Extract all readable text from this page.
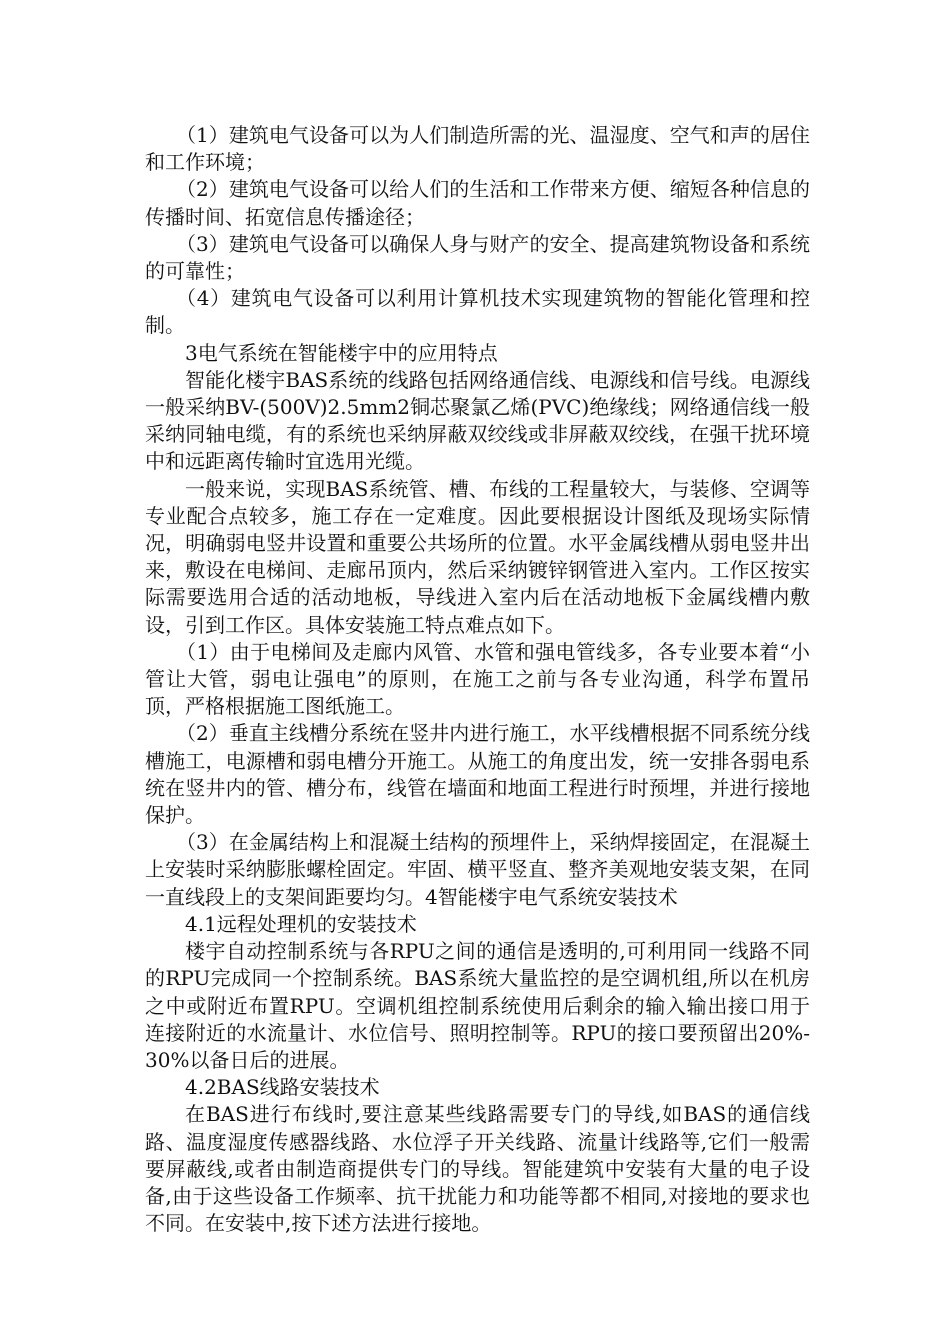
（1）建筑电气设备可以为人们制造所需的光、温湿度、空气和声的居住和工作环境；

（2）建筑电气设备可以给人们的生活和工作带来方便、缩短各种信息的传播时间、拓宽信息传播途径；

（3）建筑电气设备可以确保人身与财产的安全、提高建筑物设备和系统的可靠性；

（4）建筑电气设备可以利用计算机技术实现建筑物的智能化管理和控制。

3电气系统在智能楼宇中的应用特点

智能化楼宇BAS系统的线路包括网络通信线、电源线和信号线。电源线一般采纳BV-(500V)2.5mm2铜芯聚氯乙烯(PVC)绝缘线；网络通信线一般采纳同轴电缆，有的系统也采纳屏蔽双绞线或非屏蔽双绞线，在强干扰环境中和远距离传输时宜选用光缆。

一般来说，实现BAS系统管、槽、布线的工程量较大，与装修、空调等专业配合点较多，施工存在一定难度。因此要根据设计图纸及现场实际情况，明确弱电竖井设置和重要公共场所的位置。水平金属线槽从弱电竖井出来，敷设在电梯间、走廊吊顶内，然后采纳镀锌钢管进入室内。工作区按实际需要选用合适的活动地板，导线进入室内后在活动地板下金属线槽内敷设，引到工作区。具体安装施工特点难点如下。

（1）由于电梯间及走廊内风管、水管和强电管线多，各专业要本着“小管让大管，弱电让强电”的原则，在施工之前与各专业沟通，科学布置吊顶，严格根据施工图纸施工。

（2）垂直主线槽分系统在竖井内进行施工，水平线槽根据不同系统分线槽施工，电源槽和弱电槽分开施工。从施工的角度出发，统一安排各弱电系统在竖井内的管、槽分布，线管在墙面和地面工程进行时预埋，并进行接地保护。

（3）在金属结构上和混凝土结构的预埋件上，采纳焊接固定，在混凝土上安装时采纳膨胀螺栓固定。牢固、横平竖直、整齐美观地安装支架，在同一直线段上的支架间距要均匀。4智能楼宇电气系统安装技术

4.1远程处理机的安装技术

楼宇自动控制系统与各RPU之间的通信是透明的,可利用同一线路不同的RPU完成同一个控制系统。BAS系统大量监控的是空调机组,所以在机房之中或附近布置RPU。空调机组控制系统使用后剩余的输入输出接口用于连接附近的水流量计、水位信号、照明控制等。RPU的接口要预留出20%-30%以备日后的进展。

4.2BAS线路安装技术

在BAS进行布线时,要注意某些线路需要专门的导线,如BAS的通信线路、温度湿度传感器线路、水位浮子开关线路、流量计线路等,它们一般需要屏蔽线,或者由制造商提供专门的导线。智能建筑中安装有大量的电子设备,由于这些设备工作频率、抗干扰能力和功能等都不相同,对接地的要求也不同。在安装中,按下述方法进行接地。
